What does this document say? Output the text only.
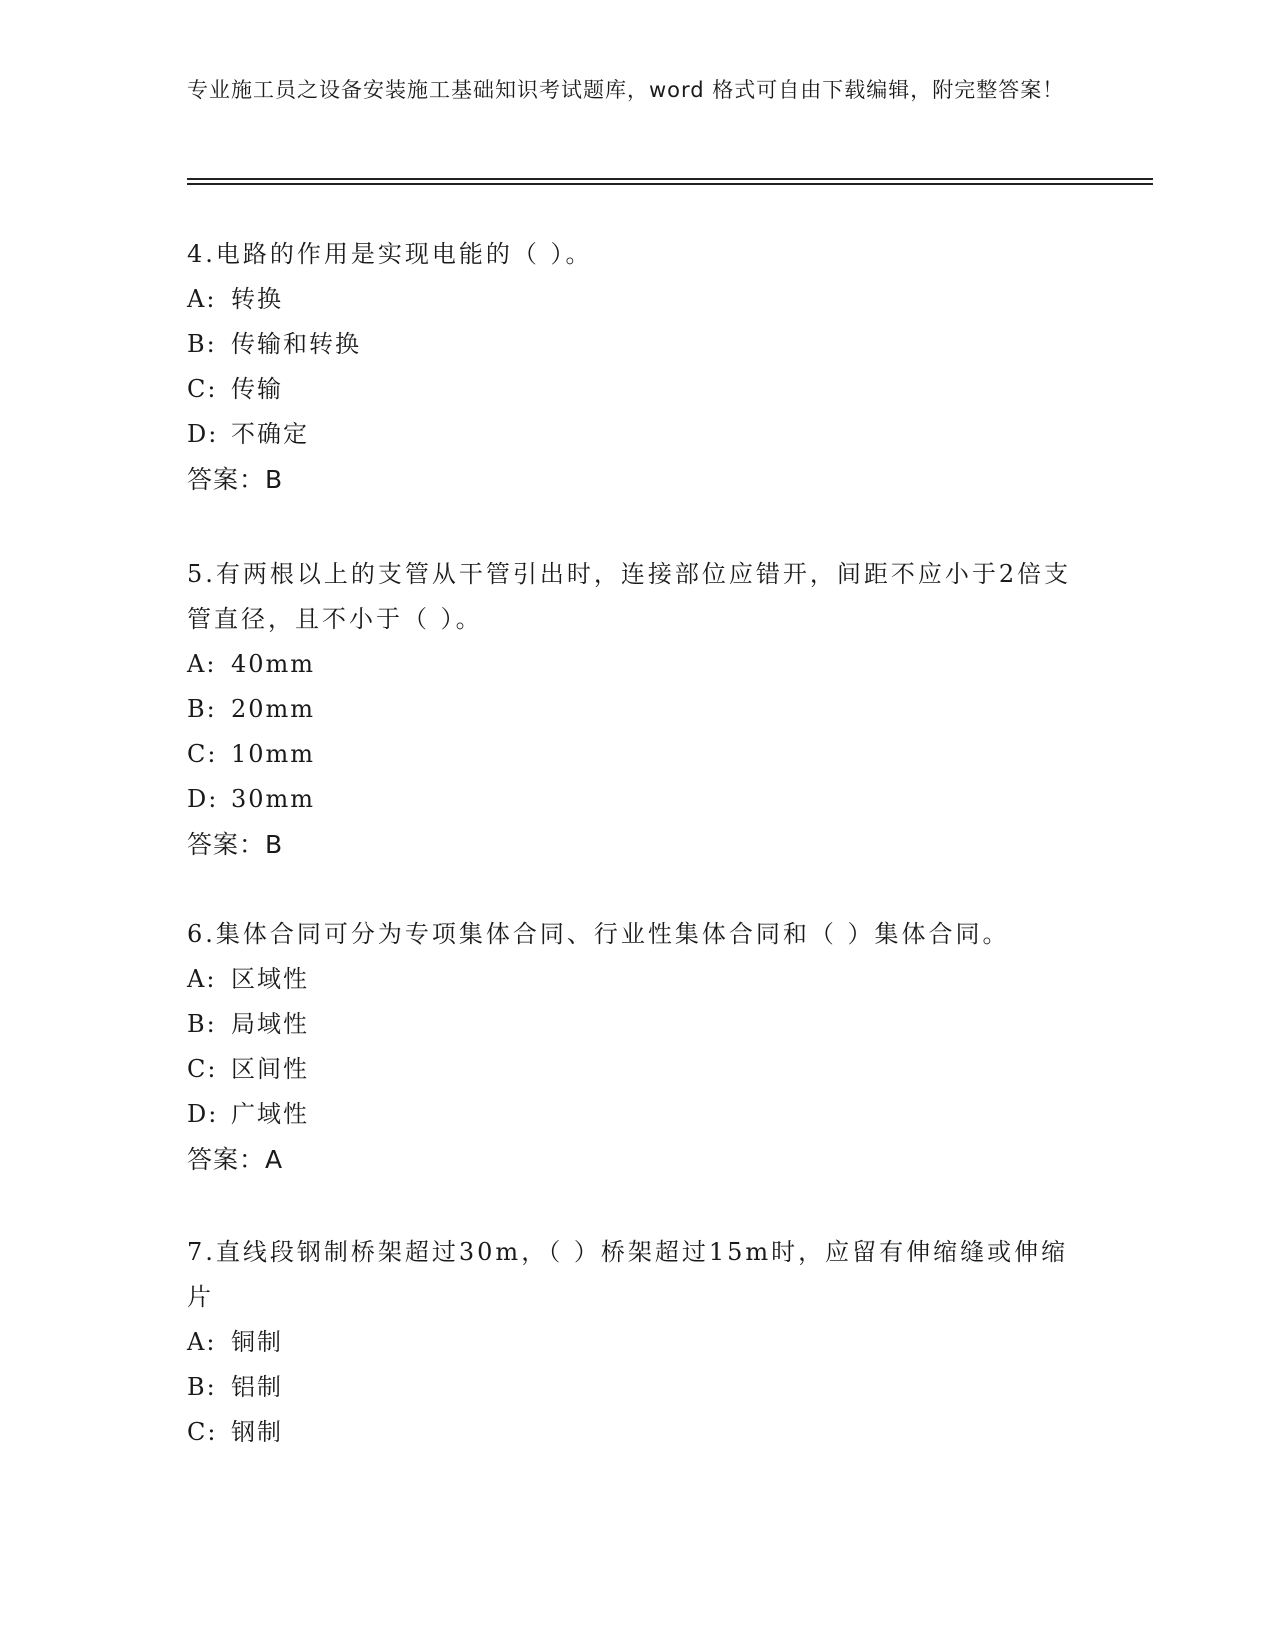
专业施工员之设备安装施工基础知识考试题库，word 格式可自由下载编辑，附完整答案！

4.电路的作用是实现电能的（ ）。

A: 转换

B: 传输和转换

C: 传输

D: 不确定

答案：B

5.有两根以上的支管从干管引出时，连接部位应错开，间距不应小于2倍支管直径，且不小于（ ）。

A: 40mm

B: 20mm

C: 10mm

D: 30mm

答案：B

6.集体合同可分为专项集体合同、行业性集体合同和（ ）集体合同。

A: 区域性

B: 局域性

C: 区间性

D: 广域性

答案：A

7.直线段钢制桥架超过30m，（ ）桥架超过15m时，应留有伸缩缝或伸缩片

A: 铜制

B: 铝制

C: 钢制
